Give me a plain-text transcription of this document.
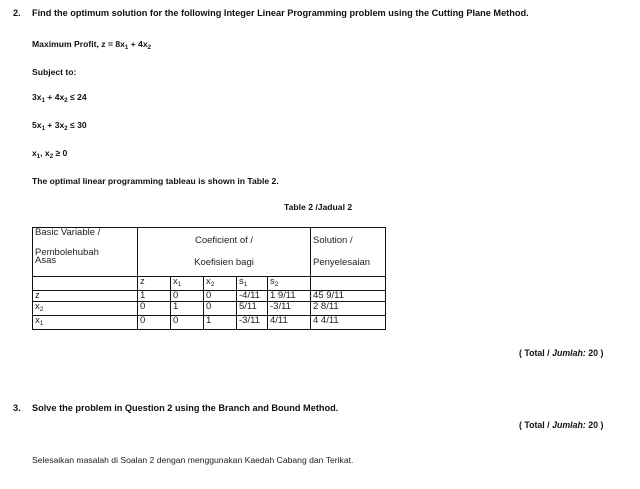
2. Find the optimum solution for the following Integer Linear Programming problem using the Cutting Plane Method.
Maximum Profit, $z = 8x_1 + 4x_2$
Subject to:
$3x_1 + 4x_2 \le 24$
$5x_1 + 3x_2 \le 30$
$x_1$, $x_2 \ge 0$
The optimal linear programming tableau is shown in Table 2.
Table 2 /Jadual 2
Basic Variable /

Pembolehubah
Asas	Coeficient of /
Koefisien bagi					Solution /
Penyelesaian

	z	$x_1$	$x_2$	$s_1$	$s_2$	
z	1	0	0	-4/11	1 9/11	45 9/11
$x_2$	0	1	0	5/11	-3/11	2 8/11
$x_1$	0	0	1	-3/11	4/11	4 4/11
( Total / Jumlah: 20 )
3. Solve the problem in Question 2 using the Branch and Bound Method.
( Total / Jumlah: 20 )
Selesaikan masalah di Soalan 2 dengan menggunakan Kaedah Cabang dan Terikat.
